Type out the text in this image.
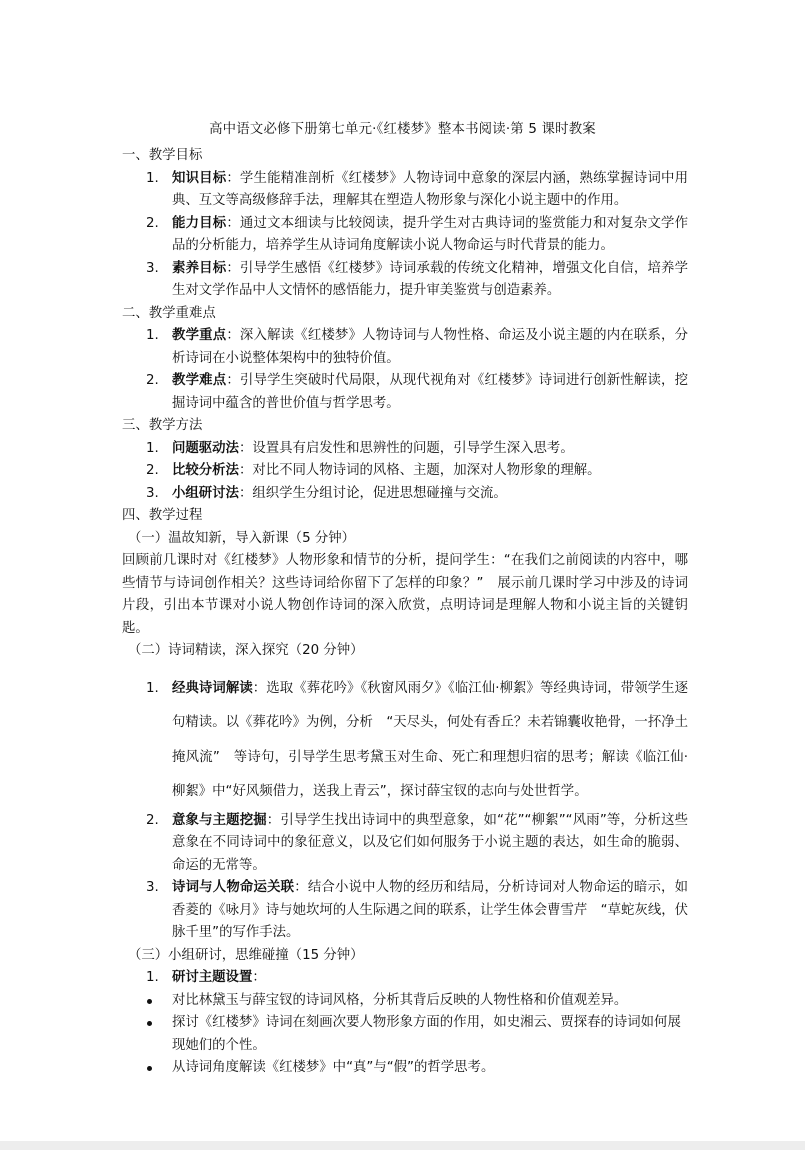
高中语文必修下册第七单元·《红楼梦》整本书阅读·第 5 课时教案
一、教学目标
1. 知识目标：学生能精准剖析《红楼梦》人物诗词中意象的深层内涵，熟练掌握诗词中用典、互文等高级修辞手法，理解其在塑造人物形象与深化小说主题中的作用。
2. 能力目标：通过文本细读与比较阅读，提升学生对古典诗词的鉴赏能力和对复杂文学作品的分析能力，培养学生从诗词角度解读小说人物命运与时代背景的能力。
3. 素养目标：引导学生感悟《红楼梦》诗词承载的传统文化精神，增强文化自信，培养学生对文学作品中人文情怀的感悟能力，提升审美鉴赏与创造素养。
二、教学重难点
1. 教学重点：深入解读《红楼梦》人物诗词与人物性格、命运及小说主题的内在联系，分析诗词在小说整体架构中的独特价值。
2. 教学难点：引导学生突破时代局限，从现代视角对《红楼梦》诗词进行创新性解读，挖掘诗词中蕴含的普世价值与哲学思考。
三、教学方法
1. 问题驱动法：设置具有启发性和思辨性的问题，引导学生深入思考。
2. 比较分析法：对比不同人物诗词的风格、主题，加深对人物形象的理解。
3. 小组研讨法：组织学生分组讨论，促进思想碰撞与交流。
四、教学过程
（一）温故知新，导入新课（5 分钟）
回顾前几课时对《红楼梦》人物形象和情节的分析，提问学生：“在我们之前阅读的内容中，哪些情节与诗词创作相关？这些诗词给你留下了怎样的印象？”　展示前几课时学习中涉及的诗词片段，引出本节课对小说人物创作诗词的深入欣赏，点明诗词是理解人物和小说主旨的关键钥匙。
（二）诗词精读，深入探究（20 分钟）
1. 经典诗词解读：选取《葬花吟》《秋窗风雨夕》《临江仙·柳絮》等经典诗词，带领学生逐句精读。以《葬花吟》为例，分析　“天尽头，何处有香丘？未若锦囊收艳骨，一抔净土掩风流”　等诗句，引导学生思考黛玉对生命、死亡和理想归宿的思考；解读《临江仙·柳絮》中“好风频借力，送我上青云”，探讨薛宝钗的志向与处世哲学。
2. 意象与主题挖掘：引导学生找出诗词中的典型意象，如“花”“柳絮”“风雨”等，分析这些意象在不同诗词中的象征意义，以及它们如何服务于小说主题的表达，如生命的脆弱、命运的无常等。
3. 诗词与人物命运关联：结合小说中人物的经历和结局，分析诗词对人物命运的暗示，如香菱的《咏月》诗与她坎坷的人生际遇之间的联系，让学生体会曹雪芹　“草蛇灰线，伏脉千里”的写作手法。
（三）小组研讨，思维碰撞（15 分钟）
1. 研讨主题设置：
对比林黛玉与薛宝钗的诗词风格，分析其背后反映的人物性格和价值观差异。
探讨《红楼梦》诗词在刻画次要人物形象方面的作用，如史湘云、贾探春的诗词如何展现她们的个性。
从诗词角度解读《红楼梦》中“真”与“假”的哲学思考。
